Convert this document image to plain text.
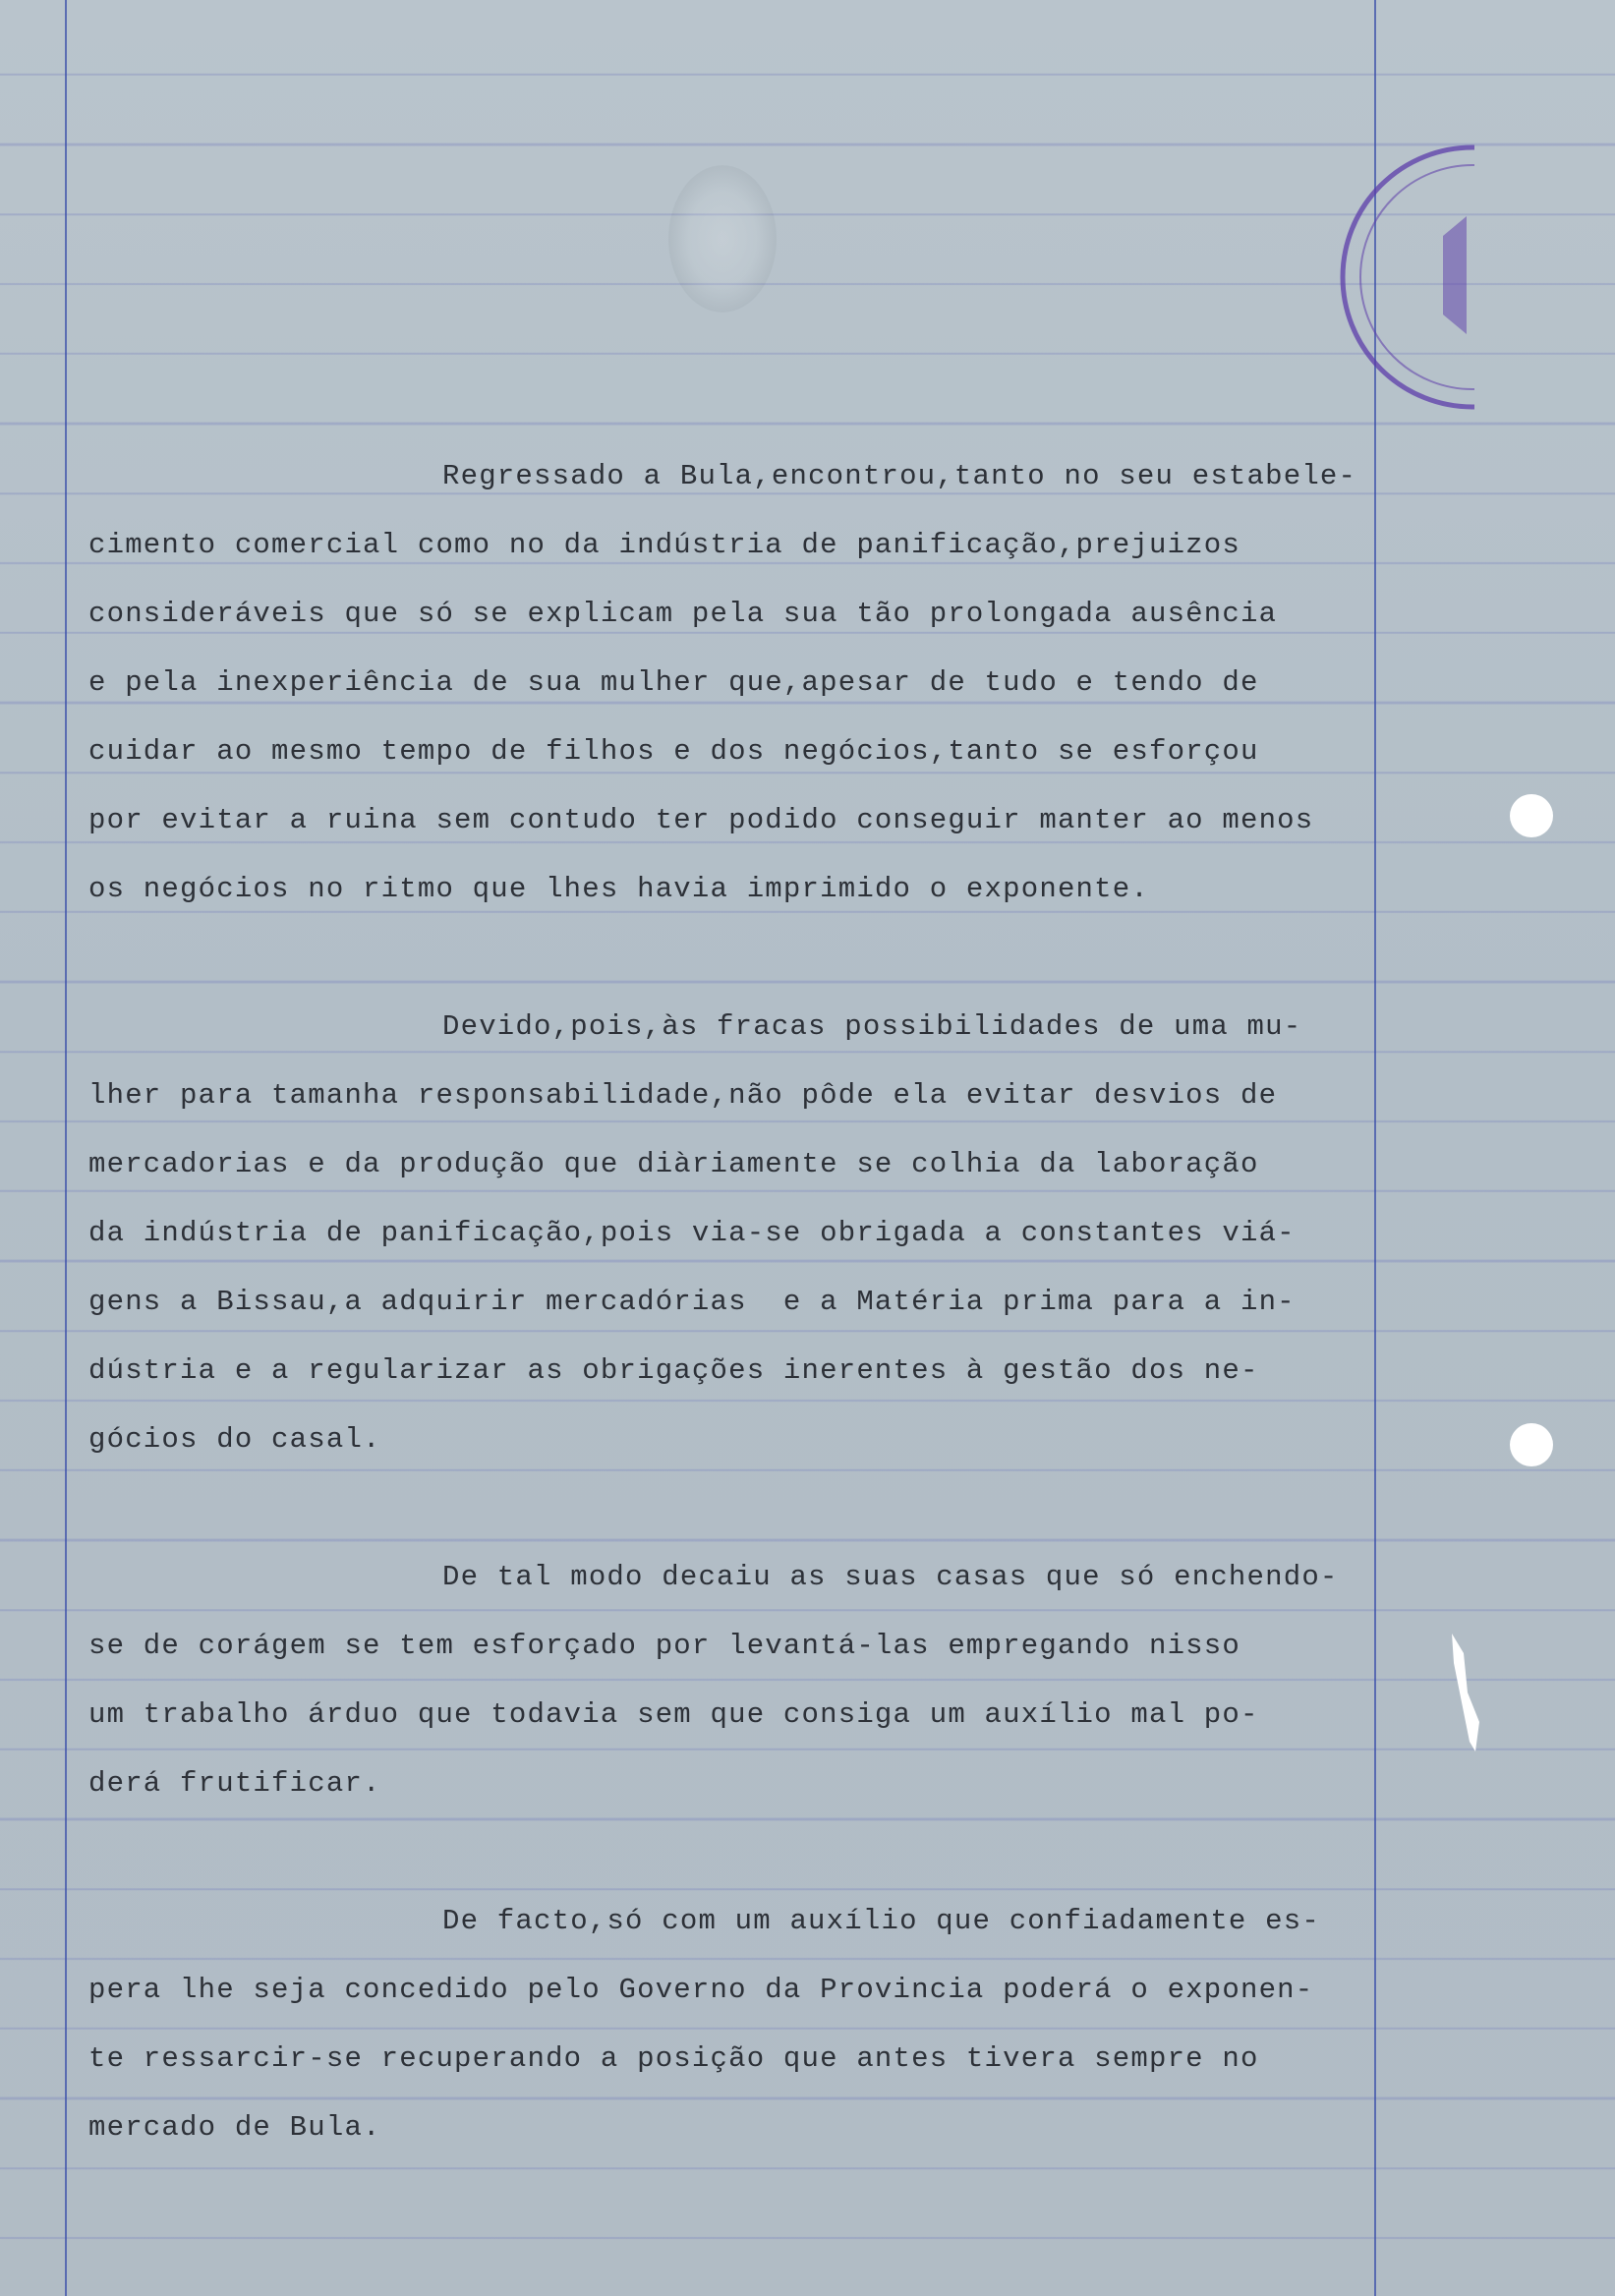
Regressado a Bula,encontrou,tanto no seu estabele-
cimento comercial como no da indústria de panificação,prejuizos
consideráveis que só se explicam pela sua tão prolongada ausência
e pela inexperiência de sua mulher que,apesar de tudo e tendo de
cuidar ao mesmo tempo de filhos e dos negócios,tanto se esforçou
por evitar a ruina sem contudo ter podido conseguir manter ao menos
os negócios no ritmo que lhes havia imprimido o exponente.
Devido,pois,às fracas possibilidades de uma mu-
lher para tamanha responsabilidade,não pôde ela evitar desvios de
mercadorias e da produção que diàriamente se colhia da laboração
da indústria de panificação,pois via-se obrigada a constantes viá-
gens a Bissau,a adquirir mercadórias  e a Matéria prima para a in-
dústria e a regularizar as obrigações inerentes à gestão dos ne-
gócios do casal.
De tal modo decaiu as suas casas que só enchendo-
se de corágem se tem esforçado por levantá-las empregando nisso
um trabalho árduo que todavia sem que consiga um auxílio mal po-
derá frutificar.
De facto,só com um auxílio que confiadamente es-
pera lhe seja concedido pelo Governo da Provincia poderá o exponen-
te ressarcir-se recuperando a posição que antes tivera sempre no
mercado de Bula.
